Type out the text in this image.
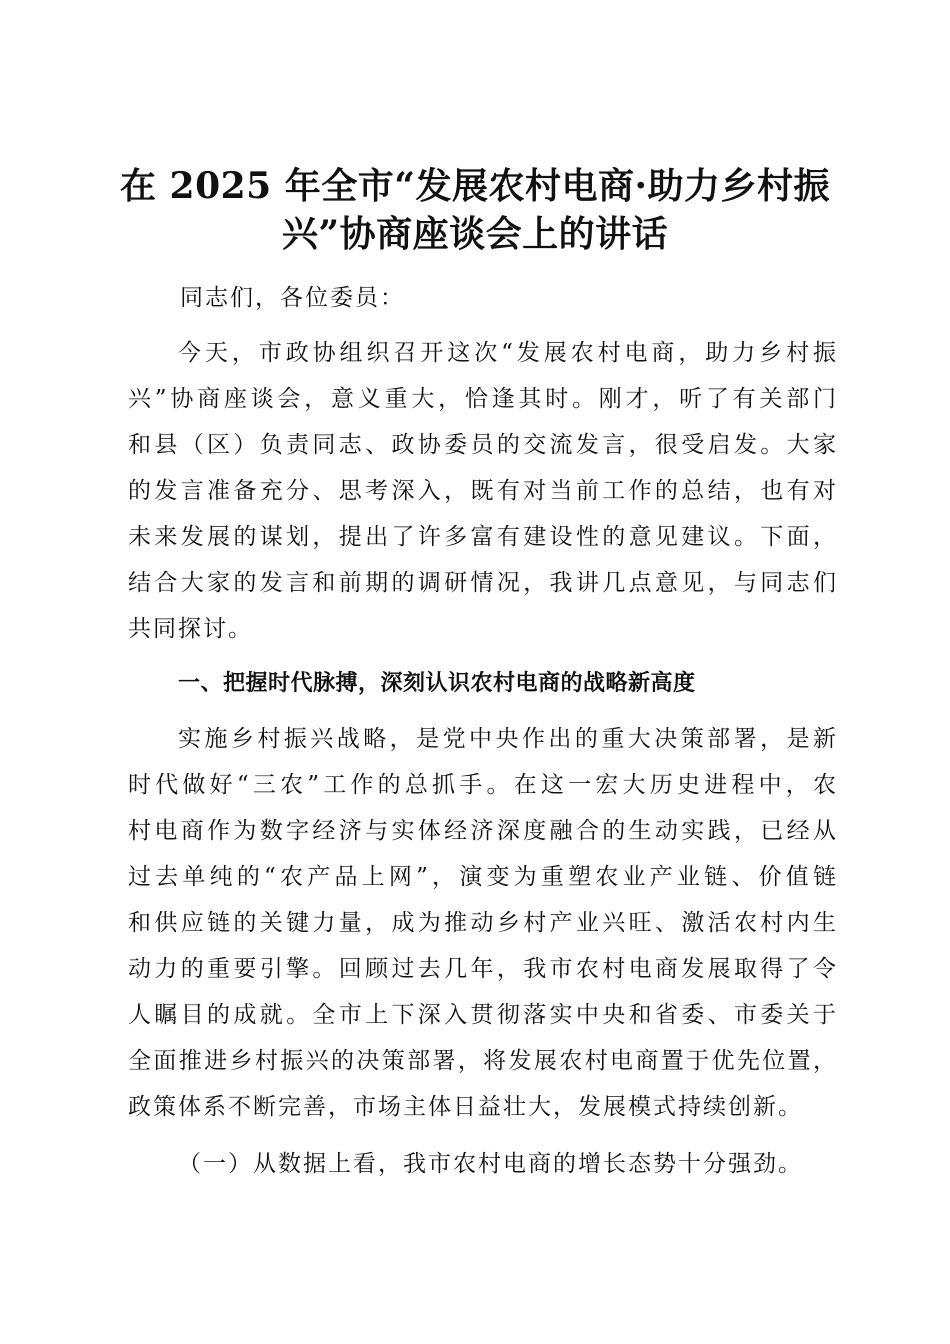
在 2025 年全市“发展农村电商·助力乡村振
兴”协商座谈会上的讲话
同志们，各位委员：
今天，市政协组织召开这次“发展农村电商，助力乡村振
兴”协商座谈会，意义重大，恰逢其时。刚才，听了有关部门
和县（区）负责同志、政协委员的交流发言，很受启发。大家
的发言准备充分、思考深入，既有对当前工作的总结，也有对
未来发展的谋划，提出了许多富有建设性的意见建议。下面，
结合大家的发言和前期的调研情况，我讲几点意见，与同志们
共同探讨。
一、把握时代脉搏，深刻认识农村电商的战略新高度
实施乡村振兴战略，是党中央作出的重大决策部署，是新
时代做好“三农”工作的总抓手。在这一宏大历史进程中，农
村电商作为数字经济与实体经济深度融合的生动实践，已经从
过去单纯的“农产品上网”，演变为重塑农业产业链、价值链
和供应链的关键力量，成为推动乡村产业兴旺、激活农村内生
动力的重要引擎。回顾过去几年，我市农村电商发展取得了令
人瞩目的成就。全市上下深入贯彻落实中央和省委、市委关于
全面推进乡村振兴的决策部署，将发展农村电商置于优先位置，
政策体系不断完善，市场主体日益壮大，发展模式持续创新。
（一）从数据上看，我市农村电商的增长态势十分强劲。
